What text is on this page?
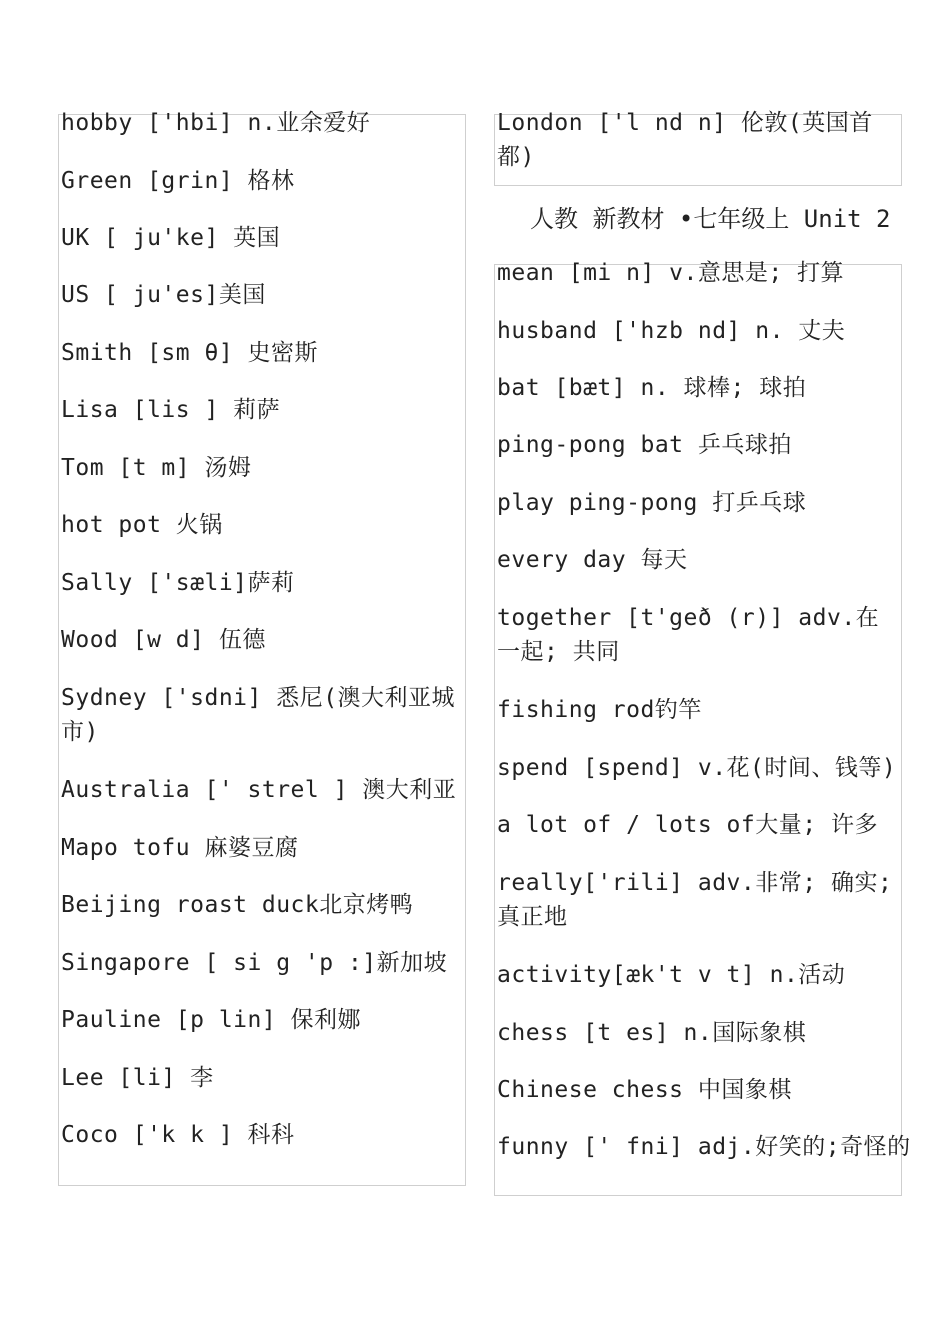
hobby ['hbi] n.业余爱好
Green [grin] 格林
UK [ ju'ke] 英国
US [ ju'es]美国
Smith [sm θ] 史密斯
Lisa [lis ] 莉萨
Tom [t m] 汤姆
hot pot 火锅
Sally ['sæli]萨莉
Wood [w d] 伍德
Sydney ['sdni] 悉尼(澳大利亚城市)
Australia [' strel ] 澳大利亚
Mapo tofu 麻婆豆腐
Beijing roast duck北京烤鸭
Singapore [ si g 'p :]新加坡
Pauline [p lin] 保利娜
Lee [li] 李
Coco ['k k ] 科科
London ['l nd n] 伦敦(英国首都)
人教 新教材 •七年级上 Unit 2
mean [mi n] v.意思是; 打算
husband ['hzb nd] n. 丈夫
bat [bæt] n. 球棒; 球拍
ping-pong bat 乒乓球拍
play ping-pong 打乒乓球
every day 每天
together [t'geð (r)] adv.在一起; 共同
fishing rod钓竿
spend [spend] v.花(时间、钱等)
a lot of / lots of大量; 许多
really['rili] adv.非常; 确实; 真正地
activity[æk't v t] n.活动
chess [t es] n.国际象棋
Chinese chess 中国象棋
funny [' fni] adj.好笑的;奇怪的
